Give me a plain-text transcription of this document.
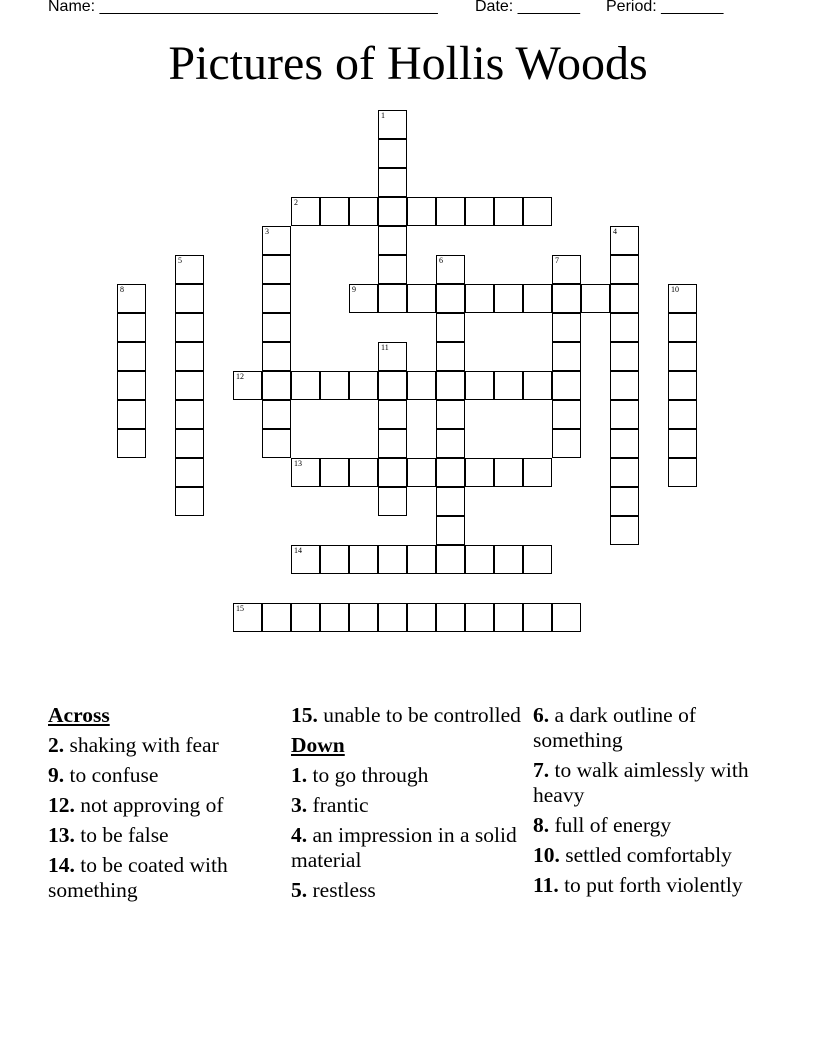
Name: ______________________________________ Date: _______ Period: _______
Pictures of Hollis Woods
1
2
3	4
5	6	7
8	9	10
11
12
13
14
15
Across
2. shaking with fear
9. to confuse
12. not approving of
13. to be false
14. to be coated with something
15. unable to be controlled
Down
1. to go through
3. frantic
4. an impression in a solid material
5. restless
6. a dark outline of something
7. to walk aimlessly with heavy
8. full of energy
10. settled comfortably
11. to put forth violently
